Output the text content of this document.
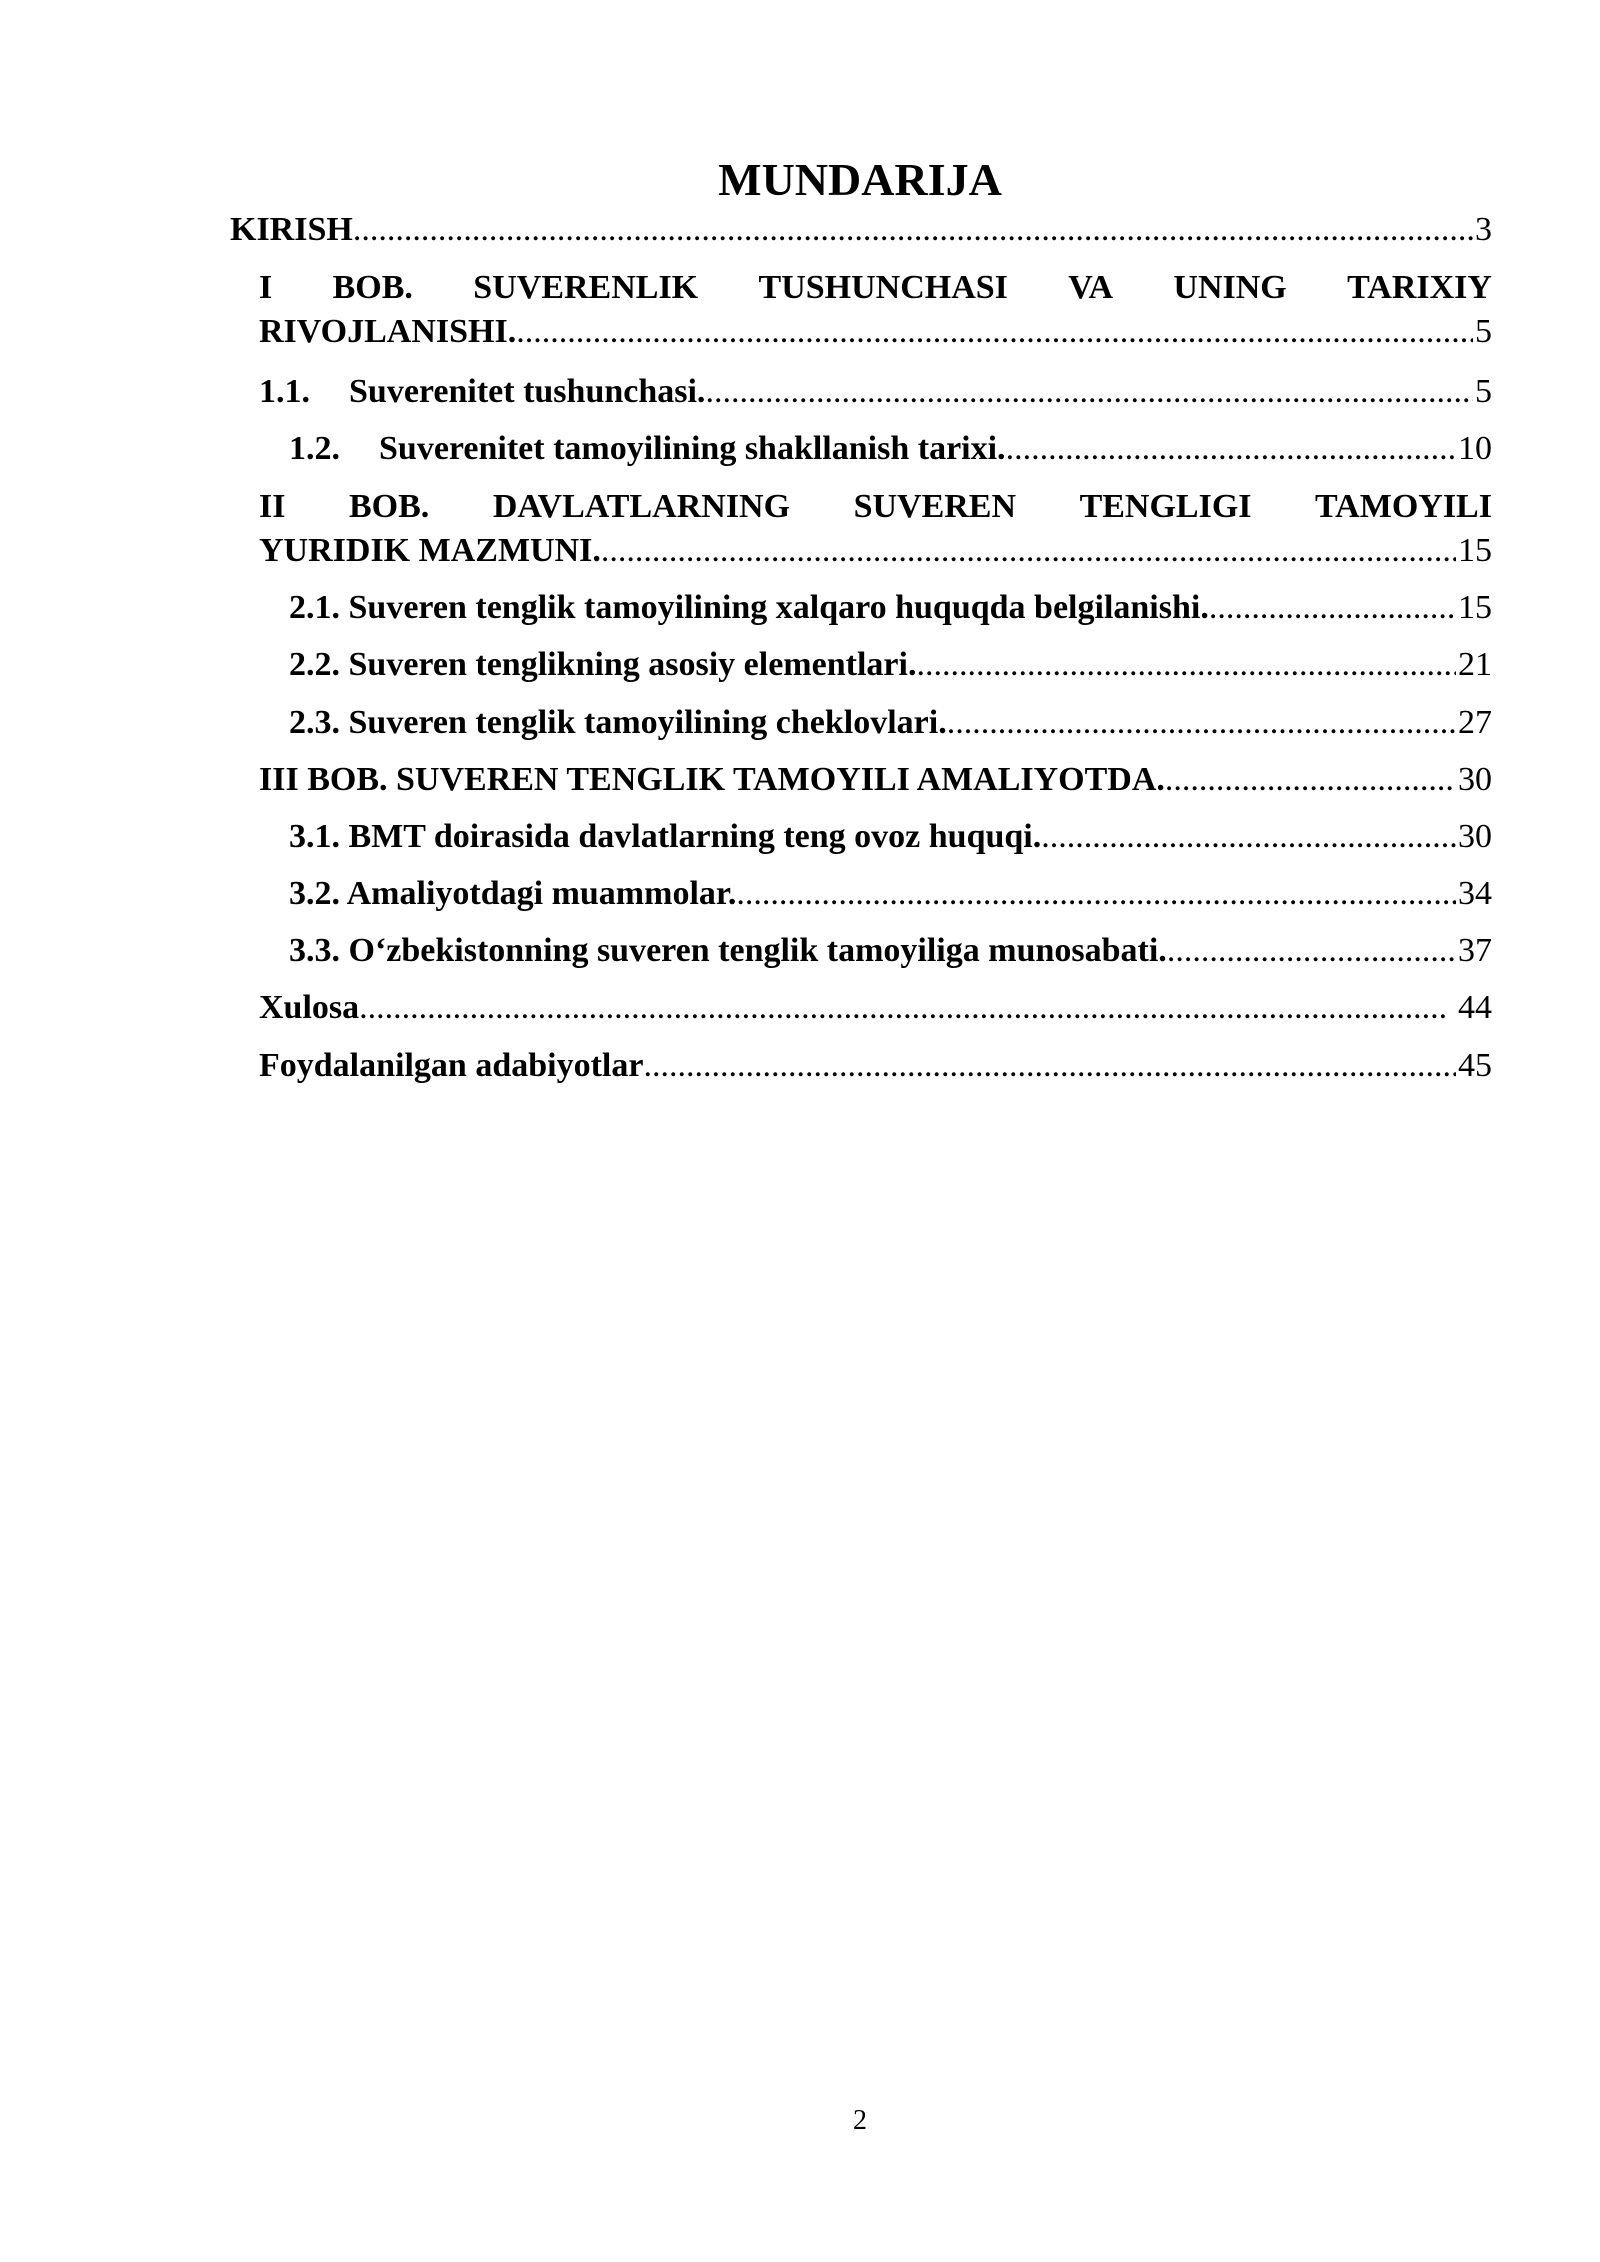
MUNDARIJA
KIRISH .....	3
I BOB. SUVERENLIK TUSHUNCHASI VA UNING TARIXIY
RIVOJLANISHI. .....	5
1.1.	Suverenitet tushunchasi. .....	5
1.2.	Suverenitet tamoyilining shakllanish tarixi. .....	10
II BOB. DAVLATLARNING SUVEREN TENGLIGI TAMOYILI
YURIDIK MAZMUNI. .....	15
2.1. Suveren tenglik tamoyilining xalqaro huquqda belgilanishi. .....	15
2.2. Suveren tenglikning asosiy elementlari. .....	21
2.3. Suveren tenglik tamoyilining cheklovlari. .....	27
III BOB. SUVEREN TENGLIK TAMOYILI AMALIYOTDA. .....	30
3.1. BMT doirasida davlatlarning teng ovoz huquqi. .....	30
3.2. Amaliyotdagi muammolar. .....	34
3.3. O‘zbekistonning suveren tenglik tamoyiliga munosabati. .....	37
Xulosa .....	44
Foydalanilgan adabiyotlar .....	45
2
